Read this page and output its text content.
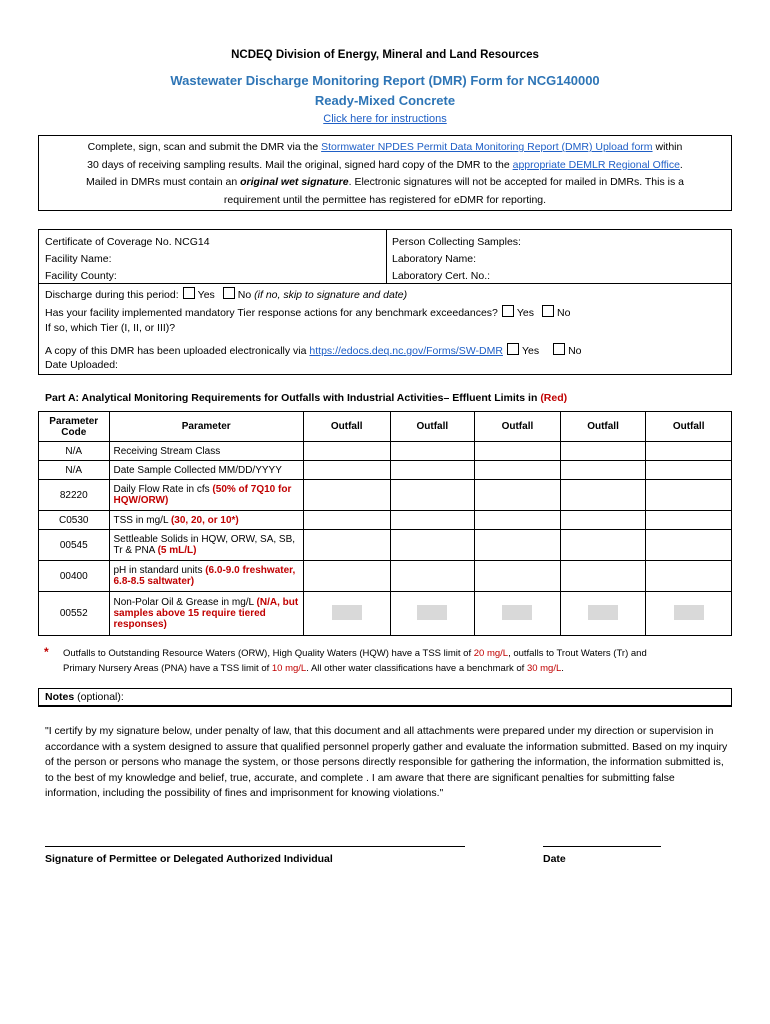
NCDEQ Division of Energy, Mineral and Land Resources
Wastewater Discharge Monitoring Report (DMR) Form for NCG140000
Ready-Mixed Concrete
Click here for instructions
Complete, sign, scan and submit the DMR via the Stormwater NPDES Permit Data Monitoring Report (DMR) Upload form within
30 days of receiving sampling results. Mail the original, signed hard copy of the DMR to the appropriate DEMLR Regional Office.
Mailed in DMRs must contain an original wet signature. Electronic signatures will not be accepted for mailed in DMRs. This is a
requirement until the permittee has registered for eDMR for reporting.
Certificate of Coverage No. NCG14
Facility Name:
Facility County:
Person Collecting Samples:
Laboratory Name:
Laboratory Cert. No.:
Discharge during this period: Yes No (if no, skip to signature and date)
Has your facility implemented mandatory Tier response actions for any benchmark exceedances? Yes No
If so, which Tier (I, II, or III)?
A copy of this DMR has been uploaded electronically via https://edocs.deq.nc.gov/Forms/SW-DMR Yes	No
Date Uploaded:
Part A: Analytical Monitoring Requirements for Outfalls with Industrial Activities– Effluent Limits in (Red)
Parameter Code	Parameter	Outfall	Outfall	Outfall	Outfall	Outfall
N/A	Receiving Stream Class					
N/A	Date Sample Collected MM/DD/YYYY					
82220	Daily Flow Rate in cfs (50% of 7Q10 for HQW/ORW)					
C0530	TSS in mg/L (30, 20, or 10*)					
00545	Settleable Solids in HQW, ORW, SA, SB, Tr & PNA (5 mL/L)					
00400	pH in standard units (6.0-9.0 freshwater, 6.8-8.5 saltwater)					
00552	Non-Polar Oil & Grease in mg/L (N/A, but samples above 15 require tiered responses)					
* Outfalls to Outstanding Resource Waters (ORW), High Quality Waters (HQW) have a TSS limit of 20 mg/L, outfalls to Trout Waters (Tr) and
Primary Nursery Areas (PNA) have a TSS limit of 10 mg/L. All other water classifications have a benchmark of 30 mg/L.
Notes (optional):
"I certify by my signature below, under penalty of law, that this document and all attachments were prepared under my direction or supervision in accordance with a system designed to assure that qualified personnel properly gather and evaluate the information submitted. Based on my inquiry of the person or persons who manage the system, or those persons directly responsible for gathering the information, the information submitted is, to the best of my knowledge and belief, true, accurate, and complete . I am aware that there are significant penalties for submitting false information, including the possibility of fines and imprisonment for knowing violations."
Signature of Permittee or Delegated Authorized Individual	Date
